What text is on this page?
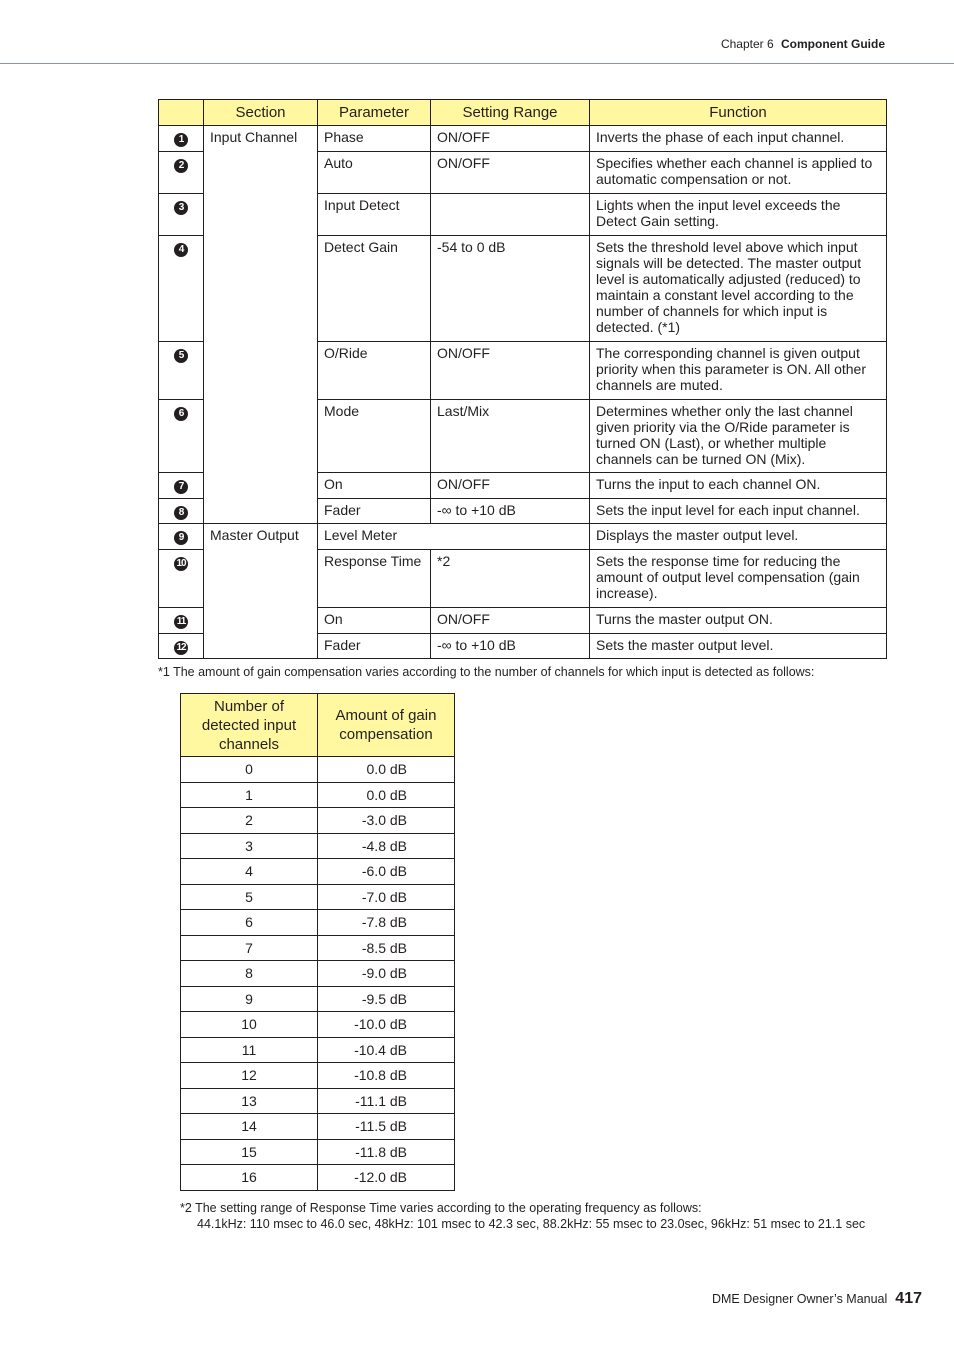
Chapter 6 Component Guide
	Section	Parameter	Setting Range	Function
1	Input Channel	Phase	ON/OFF	Inverts the phase of each input channel.
2		Auto	ON/OFF	Specifies whether each channel is applied to automatic compensation or not.
3		Input Detect		Lights when the input level exceeds the Detect Gain setting.
4		Detect Gain	-54 to 0 dB	Sets the threshold level above which input signals will be detected. The master output level is automatically adjusted (reduced) to maintain a constant level according to the number of channels for which input is detected. (*1)
5		O/Ride	ON/OFF	The corresponding channel is given output priority when this parameter is ON. All other channels are muted.
6		Mode	Last/Mix	Determines whether only the last channel given priority via the O/Ride parameter is turned ON (Last), or whether multiple channels can be turned ON (Mix).
7		On	ON/OFF	Turns the input to each channel ON.
8		Fader	-∞ to +10 dB	Sets the input level for each input channel.
9	Master Output	Level Meter		Displays the master output level.
10		Response Time	*2	Sets the response time for reducing the amount of output level compensation (gain increase).
11		On	ON/OFF	Turns the master output ON.
12		Fader	-∞ to +10 dB	Sets the master output level.
*1 The amount of gain compensation varies according to the number of channels for which input is detected as follows:
Number of detected input channels	Amount of gain compensation
0	0.0 dB
1	0.0 dB
2	-3.0 dB
3	-4.8 dB
4	-6.0 dB
5	-7.0 dB
6	-7.8 dB
7	-8.5 dB
8	-9.0 dB
9	-9.5 dB
10	-10.0 dB
11	-10.4 dB
12	-10.8 dB
13	-11.1 dB
14	-11.5 dB
15	-11.8 dB
16	-12.0 dB
*2 The setting range of Response Time varies according to the operating frequency as follows:
44.1kHz: 110 msec to 46.0 sec, 48kHz: 101 msec to 42.3 sec, 88.2kHz: 55 msec to 23.0sec, 96kHz: 51 msec to 21.1 sec
DME Designer Owner’s Manual 417
